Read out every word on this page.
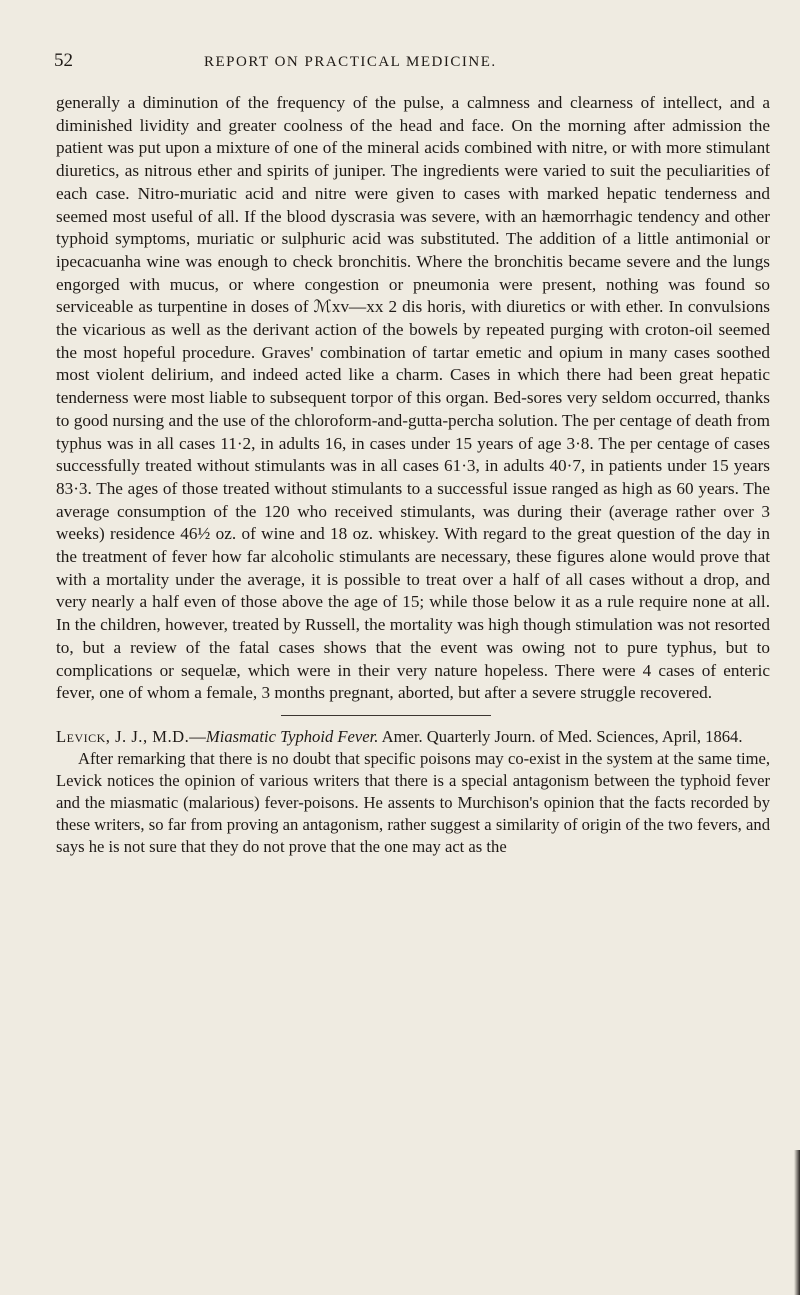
52	REPORT ON PRACTICAL MEDICINE.

generally a diminution of the frequency of the pulse, a calmness and clearness of intellect, and a diminished lividity and greater coolness of the head and face. On the morning after admission the patient was put upon a mixture of one of the mineral acids combined with nitre, or with more stimulant diuretics, as nitrous ether and spirits of juniper. The ingredients were varied to suit the peculiarities of each case. Nitro-muriatic acid and nitre were given to cases with marked hepatic tenderness and seemed most useful of all. If the blood dyscrasia was severe, with an hæmorrhagic tendency and other typhoid symptoms, muriatic or sulphuric acid was substituted. The addition of a little antimonial or ipecacuanha wine was enough to check bronchitis. Where the bronchitis became severe and the lungs engorged with mucus, or where congestion or pneumonia were present, nothing was found so serviceable as turpentine in doses of ℳxv—xx 2 dis horis, with diuretics or with ether. In convulsions the vicarious as well as the derivant action of the bowels by repeated purging with croton-oil seemed the most hopeful procedure. Graves' combination of tartar emetic and opium in many cases soothed most violent delirium, and indeed acted like a charm. Cases in which there had been great hepatic tenderness were most liable to subsequent torpor of this organ. Bed-sores very seldom occurred, thanks to good nursing and the use of the chloroform-and-gutta-percha solution. The per centage of death from typhus was in all cases 11·2, in adults 16, in cases under 15 years of age 3·8. The per centage of cases successfully treated without stimulants was in all cases 61·3, in adults 40·7, in patients under 15 years 83·3. The ages of those treated without stimulants to a successful issue ranged as high as 60 years. The average consumption of the 120 who received stimulants, was during their (average rather over 3 weeks) residence 46½ oz. of wine and 18 oz. whiskey. With regard to the great question of the day in the treatment of fever how far alcoholic stimulants are necessary, these figures alone would prove that with a mortality under the average, it is possible to treat over a half of all cases without a drop, and very nearly a half even of those above the age of 15; while those below it as a rule require none at all. In the children, however, treated by Russell, the mortality was high though stimulation was not resorted to, but a review of the fatal cases shows that the event was owing not to pure typhus, but to complications or sequelæ, which were in their very nature hopeless. There were 4 cases of enteric fever, one of whom a female, 3 months pregnant, aborted, but after a severe struggle recovered.

Levick, J. J., M.D.—Miasmatic Typhoid Fever. Amer. Quarterly Journ. of Med. Sciences, April, 1864.

After remarking that there is no doubt that specific poisons may co-exist in the system at the same time, Levick notices the opinion of various writers that there is a special antagonism between the typhoid fever and the miasmatic (malarious) fever-poisons. He assents to Murchison's opinion that the facts recorded by these writers, so far from proving an antagonism, rather suggest a similarity of origin of the two fevers, and says he is not sure that they do not prove that the one may act as the
